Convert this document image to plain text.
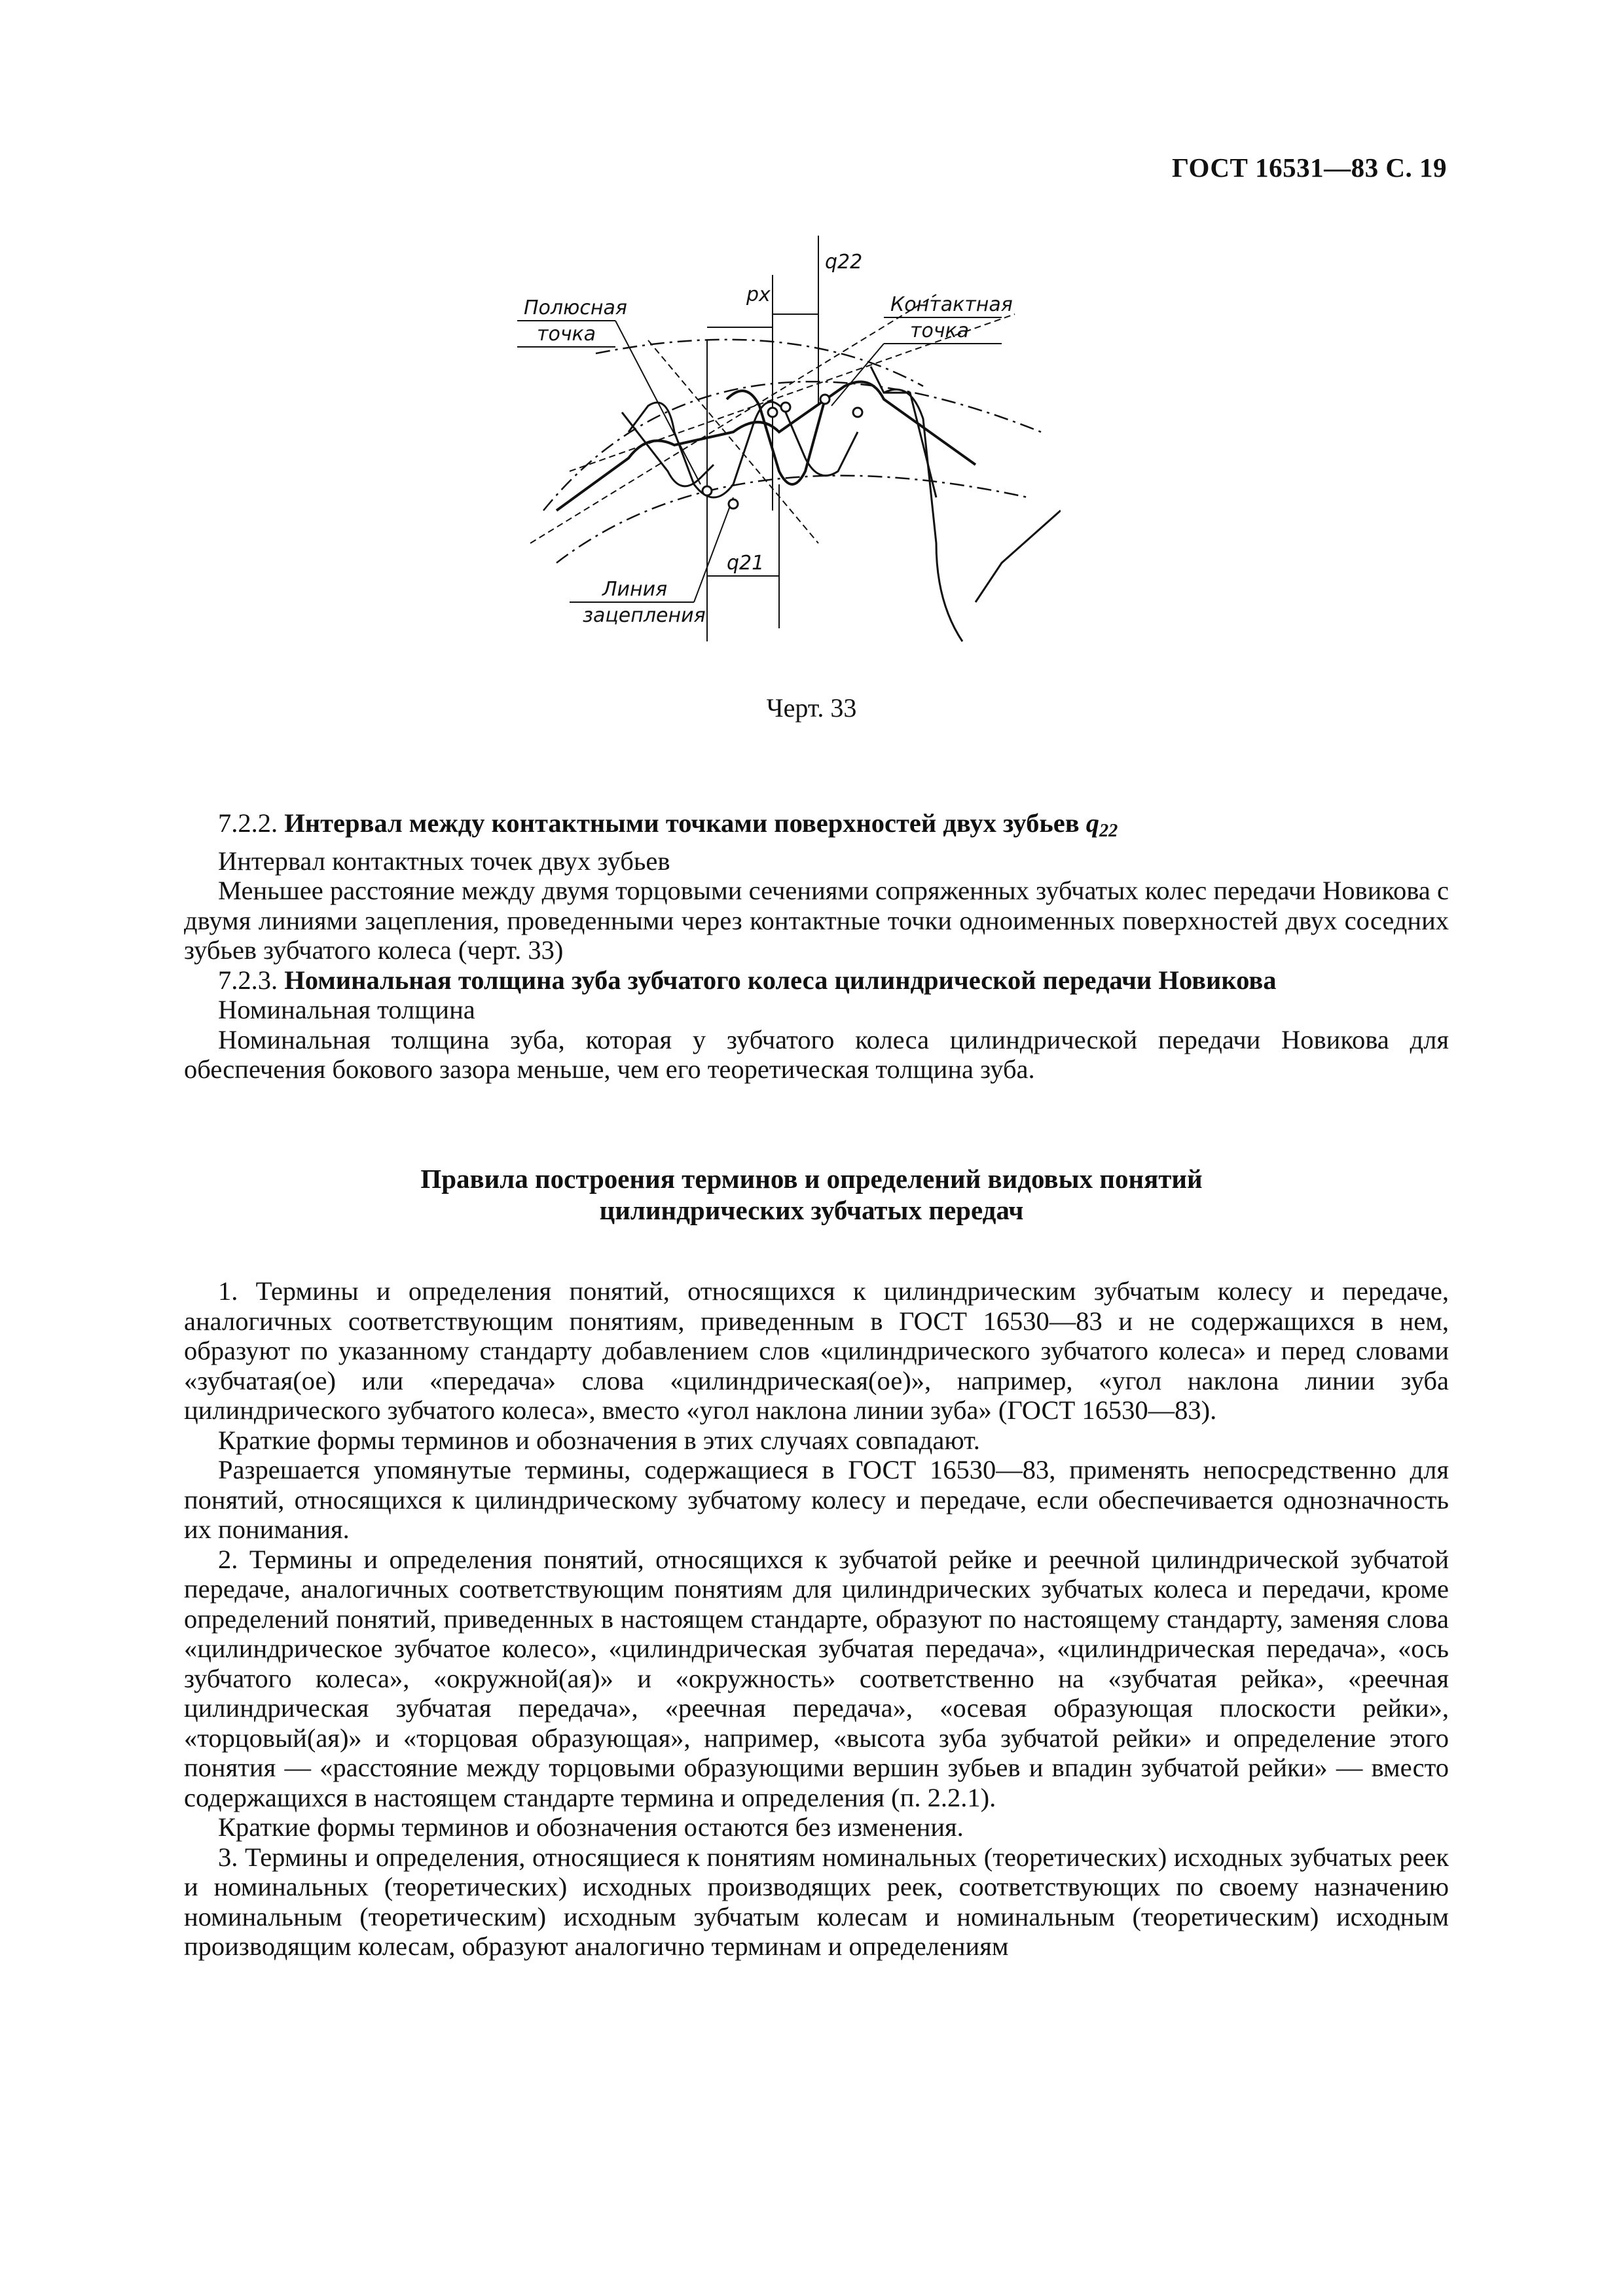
ГОСТ 16531—83 С. 19
Полюсная
точка
Контактная
точка
Линия
зацепления
px
q22
q21
Черт. 33

7.2.2. Интервал между контактными точками поверхностей двух зубьев $q_{22}$

Интервал контактных точек двух зубьев

Меньшее расстояние между двумя торцовыми сечениями сопряженных зубчатых колес передачи Новикова с двумя линиями зацепления, проведенными через контактные точки одноименных поверхностей двух соседних зубьев зубчатого колеса (черт. 33)

7.2.3. Номинальная толщина зуба зубчатого колеса цилиндрической передачи Новикова

Номинальная толщина

Номинальная толщина зуба, которая у зубчатого колеса цилиндрической передачи Новикова для обеспечения бокового зазора меньше, чем его теоретическая толщина зуба.

Правила построения терминов и определений видовых понятий
цилиндрических зубчатых передач

1. Термины и определения понятий, относящихся к цилиндрическим зубчатым колесу и передаче, аналогичных соответствующим понятиям, приведенным в ГОСТ 16530—83 и не содержащихся в нем, образуют по указанному стандарту добавлением слов «цилиндрического зубчатого колеса» и перед словами «зубчатая(ое) или «передача» слова «цилиндрическая(ое)», например, «угол наклона линии зуба цилиндрического зубчатого колеса», вместо «угол наклона линии зуба» (ГОСТ 16530—83).

Краткие формы терминов и обозначения в этих случаях совпадают.

Разрешается упомянутые термины, содержащиеся в ГОСТ 16530—83, применять непосредственно для понятий, относящихся к цилиндрическому зубчатому колесу и передаче, если обеспечивается однозначность их понимания.

2. Термины и определения понятий, относящихся к зубчатой рейке и реечной цилиндрической зубчатой передаче, аналогичных соответствующим понятиям для цилиндрических зубчатых колеса и передачи, кроме определений понятий, приведенных в настоящем стандарте, образуют по настоящему стандарту, заменяя слова «цилиндрическое зубчатое колесо», «цилиндрическая зубчатая передача», «цилиндрическая передача», «ось зубчатого колеса», «окружной(ая)» и «окружность» соответственно на «зубчатая рейка», «реечная цилиндрическая зубчатая передача», «реечная передача», «осевая образующая плоскости рейки», «торцовый(ая)» и «торцовая образующая», например, «высота зуба зубчатой рейки» и определение этого понятия — «расстояние между торцовыми образующими вершин зубьев и впадин зубчатой рейки» — вместо содержащихся в настоящем стандарте термина и определения (п. 2.2.1).

Краткие формы терминов и обозначения остаются без изменения.

3. Термины и определения, относящиеся к понятиям номинальных (теоретических) исходных зубчатых реек и номинальных (теоретических) исходных производящих реек, соответствующих по своему назначению номинальным (теоретическим) исходным зубчатым колесам и номинальным (теоретическим) исходным производящим колесам, образуют аналогично терминам и определениям
